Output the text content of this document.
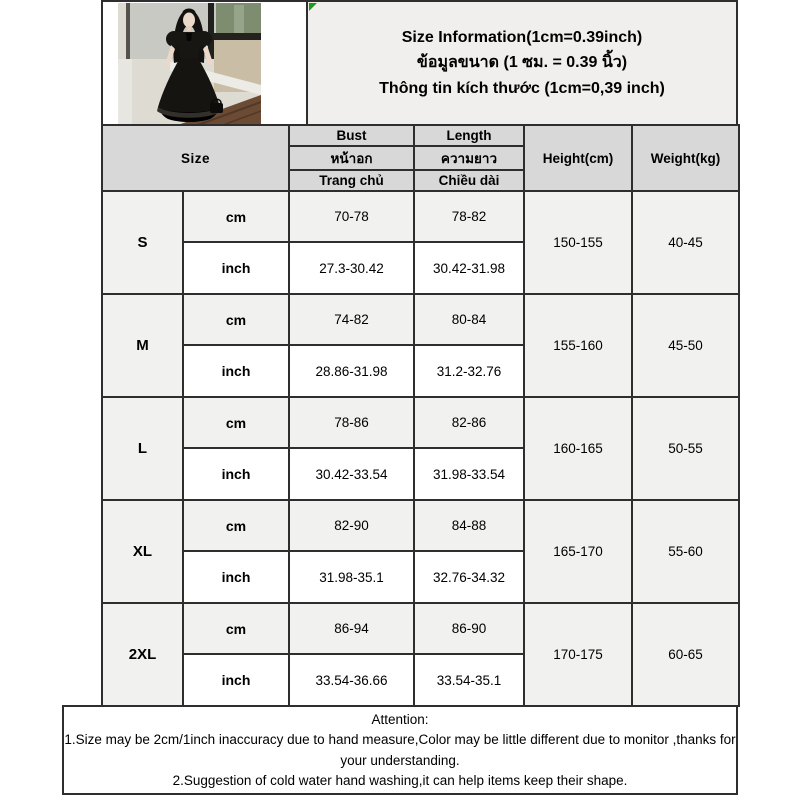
Size Information(1cm=0.39inch)
ข้อมูลขนาด (1 ซม. = 0.39 นิ้ว)
Thông tin kích thước (1cm=0,39 inch)
Size		Bust	Length	Height(cm)	Weight(kg)
		หน้าอก	ความยาว		
		Trang chủ	Chiều dài		
S	cm	70-78	78-82	150-155	40-45
	inch	27.3-30.42	30.42-31.98		
M	cm	74-82	80-84	155-160	45-50
	inch	28.86-31.98	31.2-32.76		
L	cm	78-86	82-86	160-165	50-55
	inch	30.42-33.54	31.98-33.54		
XL	cm	82-90	84-88	165-170	55-60
	inch	31.98-35.1	32.76-34.32		
2XL	cm	86-94	86-90	170-175	60-65
	inch	33.54-36.66	33.54-35.1		
Attention:
1.Size may be 2cm/1inch inaccuracy due to hand measure,Color may be little different due to monitor ,thanks for your understanding.
2.Suggestion of cold water hand washing,it can help items keep their shape.
